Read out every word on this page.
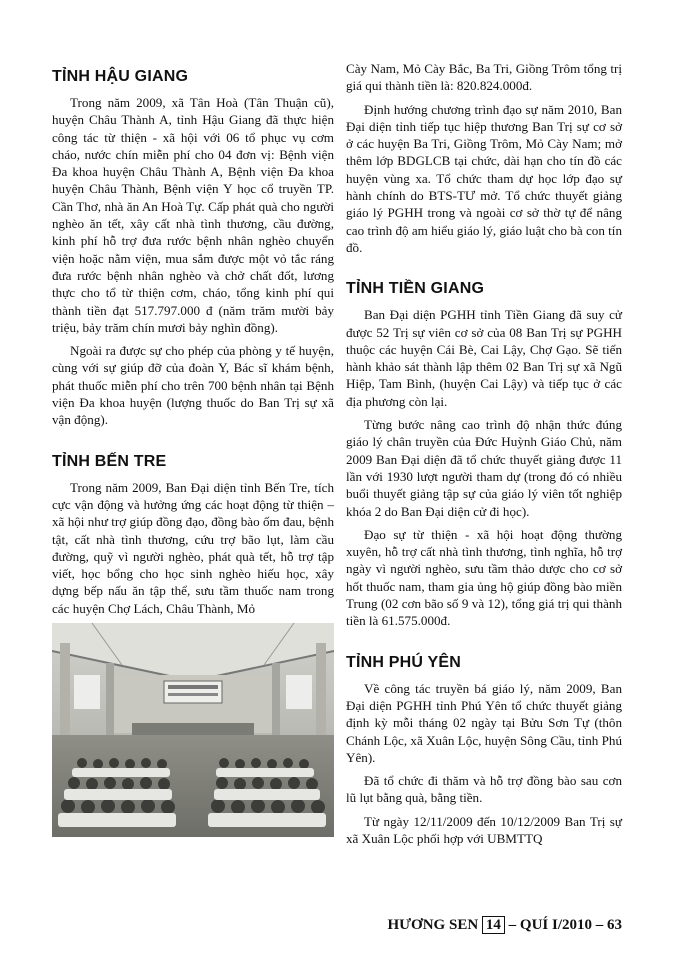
TỈNH HẬU GIANG

Trong năm 2009, xã Tân Hoà (Tân Thuận cũ), huyện Châu Thành A, tỉnh Hậu Giang đã thực hiện công tác từ thiện - xã hội với 06 tổ phục vụ cơm cháo, nước chín miễn phí cho 04 đơn vị: Bệnh viện Đa khoa huyện Châu Thành A, Bệnh viện Đa khoa huyện Châu Thành, Bệnh viện Y học cổ truyền TP. Cần Thơ, nhà ăn An Hoà Tự. Cấp phát quà cho người nghèo ăn tết, xây cất nhà tình thương, cầu đường, kinh phí hỗ trợ đưa rước bệnh nhân nghèo chuyển viện hoặc nằm viện, mua sắm được một vỏ tắc ráng đưa rước bệnh nhân nghèo và chở chất đốt, lương thực cho tổ từ thiện cơm, cháo, tổng kinh phí qui thành tiền đạt 517.797.000 đ (năm trăm mười bảy triệu, bảy trăm chín mươi bảy nghìn đồng).

Ngoài ra được sự cho phép của phòng y tế huyện, cùng với sự giúp đỡ của đoàn Y, Bác sĩ khám bệnh, phát thuốc miễn phí cho trên 700 bệnh nhân tại Bệnh viện Đa khoa huyện (lượng thuốc do Ban Trị sự xã vận động).

TỈNH BẾN TRE

Trong năm 2009, Ban Đại diện tỉnh Bến Tre, tích cực vận động và hưởng ứng các hoạt động từ thiện – xã hội như trợ giúp đồng đạo, đồng bào ốm đau, bệnh tật, cất nhà tình thương, cứu trợ bão lụt, làm cầu đường, quỹ vì người nghèo, phát quà tết, hỗ trợ tập viết, học bổng cho học sinh nghèo hiếu học, xây dựng bếp nấu ăn tập thể, sưu tầm thuốc nam trong các huyện Chợ Lách, Châu Thành, Mỏ

Cày Nam, Mỏ Cày Bắc, Ba Tri, Giồng Trôm tổng trị giá qui thành tiền là: 820.824.000đ.

Định hướng chương trình đạo sự năm 2010, Ban Đại diện tỉnh tiếp tục hiệp thương Ban Trị sự cơ sở ở các huyện Ba Tri, Giồng Trôm, Mỏ Cày Nam; mở thêm lớp BDGLCB tại chức, dài hạn cho tín đồ các huyện vùng xa. Tổ chức tham dự học lớp đạo sự hành chính do BTS-TƯ mở. Tổ chức thuyết giảng giáo lý PGHH trong và ngoài cơ sở thờ tự để nâng cao trình độ am hiểu giáo lý, giáo luật cho bà con tín đồ.

TỈNH TIỀN GIANG

Ban Đại diện PGHH tỉnh Tiền Giang đã suy cử được 52 Trị sự viên cơ sở của 08 Ban Trị sự PGHH thuộc các huyện Cái Bè, Cai Lậy, Chợ Gạo. Sẽ tiến hành khảo sát thành lập thêm 02 Ban Trị sự xã Ngũ Hiệp, Tam Bình, (huyện Cai Lậy) và tiếp tục ở các địa phương còn lại.

Từng bước nâng cao trình độ nhận thức đúng giáo lý chân truyền của Đức Huỳnh Giáo Chủ, năm 2009 Ban Đại diện đã tổ chức thuyết giảng được 11 lần với 1930 lượt người tham dự (trong đó có nhiều buổi thuyết giảng tập sự của giáo lý viên tốt nghiệp khóa 2 do Ban Đại diện cử đi học).

Đạo sự từ thiện - xã hội hoạt động thường xuyên, hỗ trợ cất nhà tình thương, tình nghĩa, hỗ trợ ngày vì người nghèo, sưu tầm thảo dược cho cơ sở hốt thuốc nam, tham gia ủng hộ giúp đồng bào miền Trung (02 cơn bão số 9 và 12), tổng giá trị qui thành tiền là 61.575.000đ.

TỈNH PHÚ YÊN

Về công tác truyền bá giáo lý, năm 2009, Ban Đại diện PGHH tỉnh Phú Yên tổ chức thuyết giảng định kỳ mỗi tháng 02 ngày tại Bửu Sơn Tự (thôn Chánh Lộc, xã Xuân Lộc, huyện Sông Cầu, tỉnh Phú Yên).

Đã tổ chức đi thăm và hỗ trợ đồng bào sau cơn lũ lụt bằng quà, bằng tiền.

Từ ngày 12/11/2009 đến 10/12/2009 Ban Trị sự xã Xuân Lộc phối hợp với UBMTTQ

HƯƠNG SEN 14 – QUÍ I/2010 – 63
